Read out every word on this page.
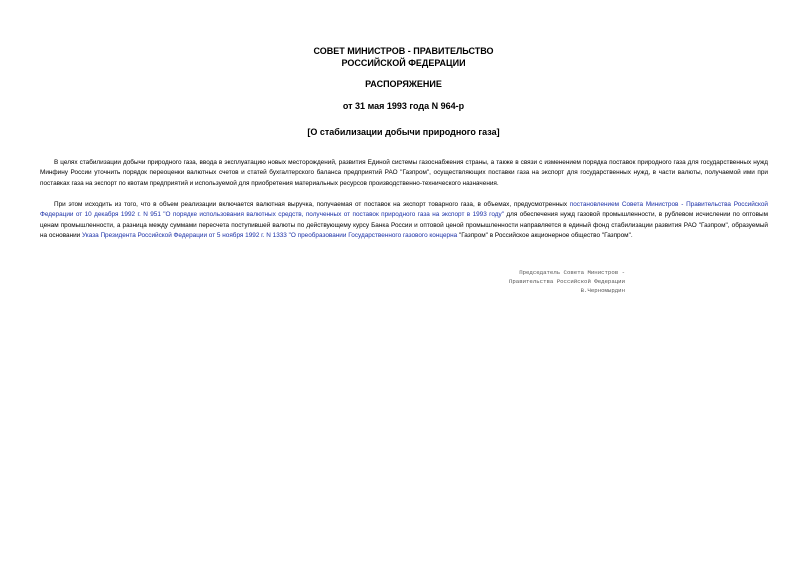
СОВЕТ МИНИСТРОВ - ПРАВИТЕЛЬСТВО
РОССИЙСКОЙ ФЕДЕРАЦИИ
РАСПОРЯЖЕНИЕ
от 31 мая 1993 года N 964-р
[О стабилизации добычи природного газа]

В целях стабилизации добычи природного газа, ввода в эксплуатацию новых месторождений, развития Единой системы газоснабжения страны, а также в связи с изменением порядка поставок природного газа для государственных нужд Минфину России уточнить порядок переоценки валютных счетов и статей бухгалтерского баланса предприятий РАО "Газпром", осуществляющих поставки газа на экспорт для государственных нужд, в части валюты, получаемой ими при поставках газа на экспорт по квотам предприятий и используемой для приобретения материальных ресурсов производственно-технического назначения.

При этом исходить из того, что в объем реализации включается валютная выручка, получаемая от поставок на экспорт товарного газа, в объемах, предусмотренных постановлением Совета Министров - Правительства Российской Федерации от 10 декабря 1992 г. N 951 "О порядке использования валютных средств, полученных от поставок природного газа на экспорт в 1993 году" для обеспечения нужд газовой промышленности, в рублевом исчислении по оптовым ценам промышленности, а разница между суммами пересчета поступившей валюты по действующему курсу Банка России и оптовой ценой промышленности направляется в единый фонд стабилизации развития РАО "Газпром", образуемый на основании Указа Президента Российской Федерации от 5 ноября 1992 г. N 1333 "О преобразовании Государственного газового концерна "Газпром" в Российское акционерное общество "Газпром".

Председатель Совета Министров -
Правительства Российской Федерации
В.Черномырдин
